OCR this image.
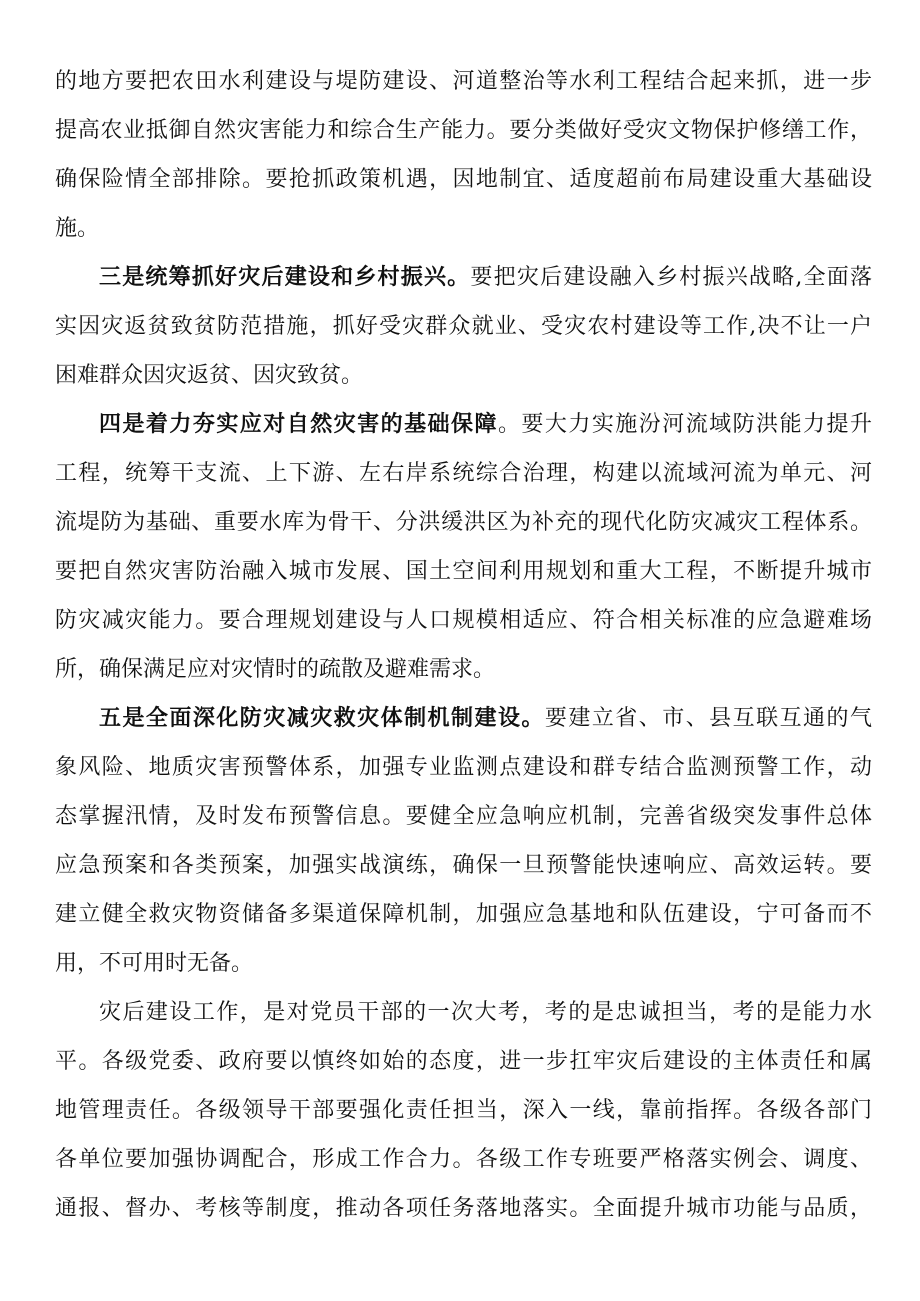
的地方要把农田水利建设与堤防建设、河道整治等水利工程结合起来抓，进一步
提高农业抵御自然灾害能力和综合生产能力。要分类做好受灾文物保护修缮工作，
确保险情全部排除。要抢抓政策机遇，因地制宜、适度超前布局建设重大基础设
施。
三是统筹抓好灾后建设和乡村振兴。要把灾后建设融入乡村振兴战略,全面落
实因灾返贫致贫防范措施，抓好受灾群众就业、受灾农村建设等工作,决不让一户
困难群众因灾返贫、因灾致贫。
四是着力夯实应对自然灾害的基础保障。要大力实施汾河流域防洪能力提升
工程，统筹干支流、上下游、左右岸系统综合治理，构建以流域河流为单元、河
流堤防为基础、重要水库为骨干、分洪缓洪区为补充的现代化防灾减灾工程体系。
要把自然灾害防治融入城市发展、国土空间利用规划和重大工程，不断提升城市
防灾减灾能力。要合理规划建设与人口规模相适应、符合相关标准的应急避难场
所，确保满足应对灾情时的疏散及避难需求。
五是全面深化防灾减灾救灾体制机制建设。要建立省、市、县互联互通的气
象风险、地质灾害预警体系，加强专业监测点建设和群专结合监测预警工作，动
态掌握汛情，及时发布预警信息。要健全应急响应机制，完善省级突发事件总体
应急预案和各类预案，加强实战演练，确保一旦预警能快速响应、高效运转。要
建立健全救灾物资储备多渠道保障机制，加强应急基地和队伍建设，宁可备而不
用，不可用时无备。
灾后建设工作，是对党员干部的一次大考，考的是忠诚担当，考的是能力水
平。各级党委、政府要以慎终如始的态度，进一步扛牢灾后建设的主体责任和属
地管理责任。各级领导干部要强化责任担当，深入一线，靠前指挥。各级各部门
各单位要加强协调配合，形成工作合力。各级工作专班要严格落实例会、调度、
通报、督办、考核等制度，推动各项任务落地落实。全面提升城市功能与品质，
